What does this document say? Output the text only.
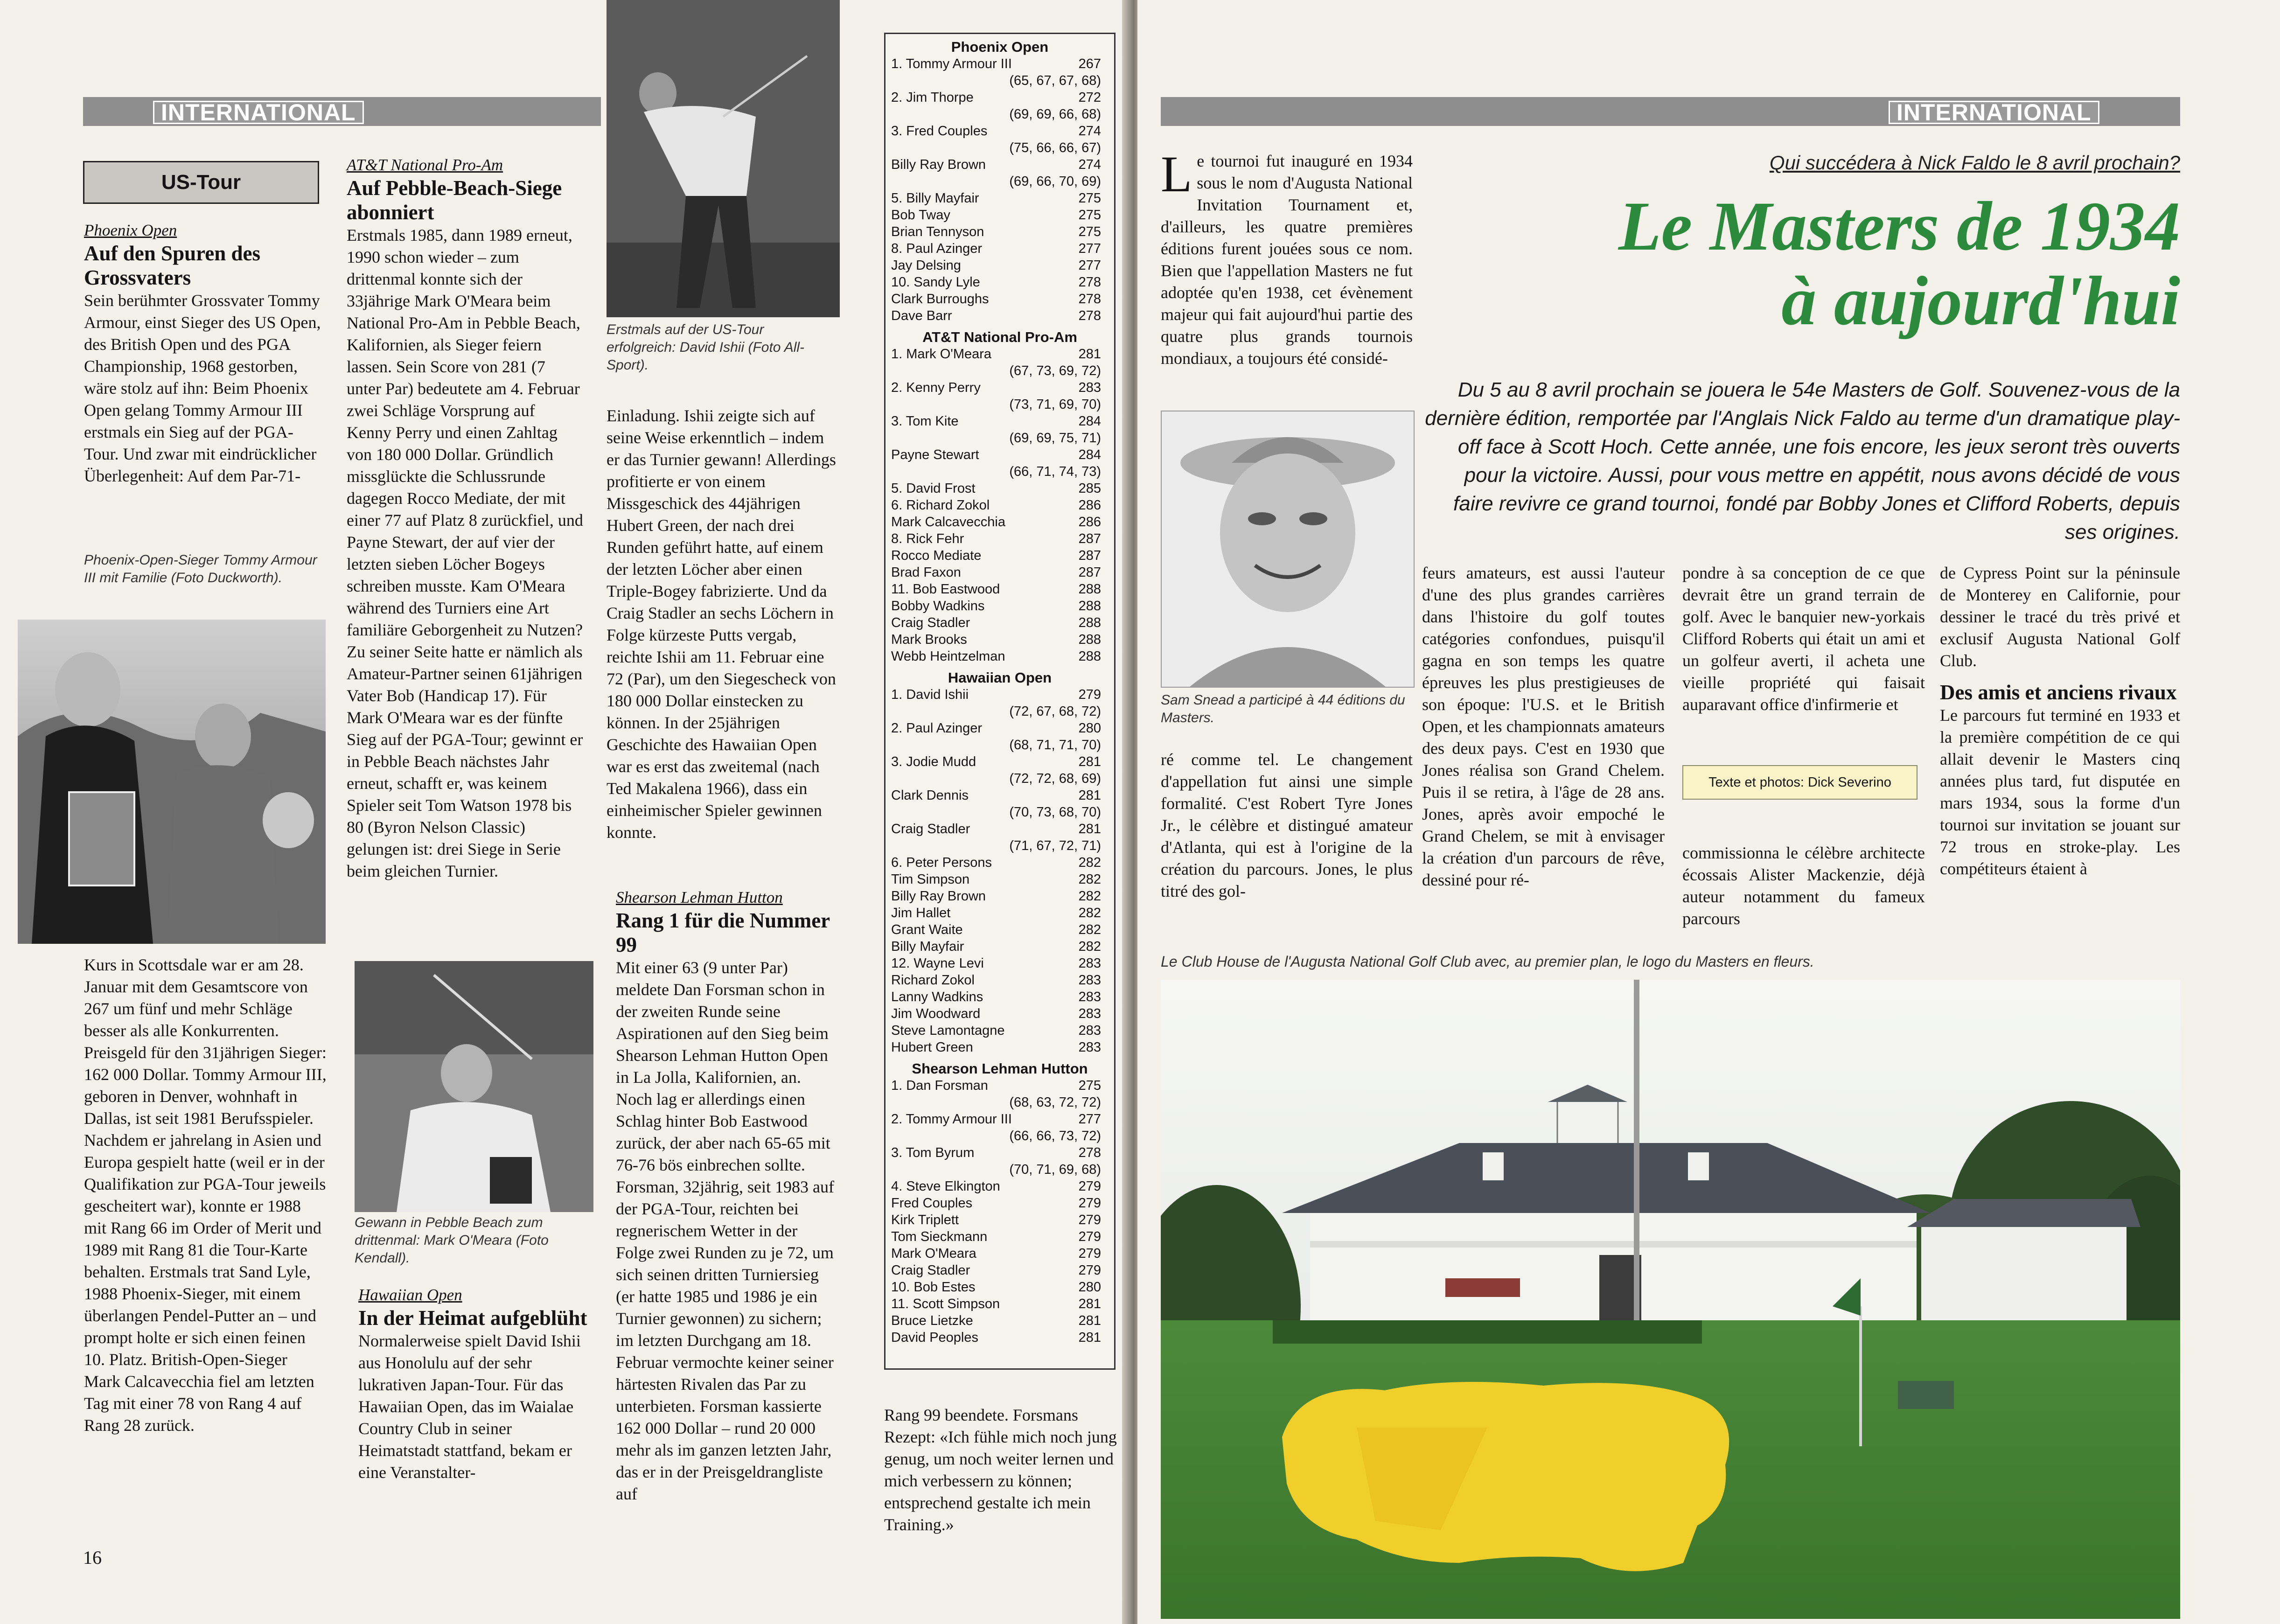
INTERNATIONAL
US-Tour

Phoenix Open

Auf den Spuren des Grossvaters

Sein berühmter Grossvater Tommy Armour, einst Sieger des US Open, des British Open und des PGA Championship, 1968 gestorben, wäre stolz auf ihn: Beim Phoenix Open gelang Tommy Armour III erstmals ein Sieg auf der PGA-Tour. Und zwar mit eindrücklicher Überlegenheit: Auf dem Par-71-

Phoenix-Open-Sieger Tommy Armour III mit Familie (Foto Duckworth).

Kurs in Scottsdale war er am 28. Januar mit dem Gesamtscore von 267 um fünf und mehr Schläge besser als alle Konkurrenten. Preisgeld für den 31jährigen Sieger: 162 000 Dollar. Tommy Armour III, geboren in Denver, wohnhaft in Dallas, ist seit 1981 Berufsspieler. Nachdem er jahrelang in Asien und Europa gespielt hatte (weil er in der Qualifikation zur PGA-Tour jeweils gescheitert war), konnte er 1988 mit Rang 66 im Order of Merit und 1989 mit Rang 81 die Tour-Karte behalten. Erstmals trat Sand Lyle, 1988 Phoenix-Sieger, mit einem überlangen Pendel-Putter an – und prompt holte er sich einen feinen 10. Platz. British-Open-Sieger Mark Calcavecchia fiel am letzten Tag mit einer 78 von Rang 4 auf Rang 28 zurück.

AT&T National Pro-Am

Auf Pebble-Beach-Siege abonniert

Erstmals 1985, dann 1989 erneut, 1990 schon wieder – zum drittenmal konnte sich der 33jährige Mark O'Meara beim National Pro-Am in Pebble Beach, Kalifornien, als Sieger feiern lassen. Sein Score von 281 (7 unter Par) bedeutete am 4. Februar zwei Schläge Vorsprung auf Kenny Perry und einen Zahltag von 180 000 Dollar. Gründlich missglückte die Schlussrunde dagegen Rocco Mediate, der mit einer 77 auf Platz 8 zurückfiel, und Payne Stewart, der auf vier der letzten sieben Löcher Bogeys schreiben musste. Kam O'Meara während des Turniers eine Art familiäre Geborgenheit zu Nutzen? Zu seiner Seite hatte er nämlich als Amateur-Partner seinen 61jährigen Vater Bob (Handicap 17). Für Mark O'Meara war es der fünfte Sieg auf der PGA-Tour; gewinnt er in Pebble Beach nächstes Jahr erneut, schafft er, was keinem Spieler seit Tom Watson 1978 bis 80 (Byron Nelson Classic) gelungen ist: drei Siege in Serie beim gleichen Turnier.

Gewann in Pebble Beach zum drittenmal: Mark O'Meara (Foto Kendall).

Hawaiian Open

In der Heimat aufgeblüht

Normalerweise spielt David Ishii aus Honolulu auf der sehr lukrativen Japan-Tour. Für das Hawaiian Open, das im Waialae Country Club in seiner Heimatstadt stattfand, bekam er eine Veranstalter-

Erstmals auf der US-Tour erfolgreich: David Ishii (Foto All-Sport).

Einladung. Ishii zeigte sich auf seine Weise erkenntlich – indem er das Turnier gewann! Allerdings profitierte er von einem Missgeschick des 44jährigen Hubert Green, der nach drei Runden geführt hatte, auf einem der letzten Löcher aber einen Triple-Bogey fabrizierte. Und da Craig Stadler an sechs Löchern in Folge kürzeste Putts vergab, reichte Ishii am 11. Februar eine 72 (Par), um den Siegescheck von 180 000 Dollar einstecken zu können. In der 25jährigen Geschichte des Hawaiian Open war es erst das zweitemal (nach Ted Makalena 1966), dass ein einheimischer Spieler gewinnen konnte.

Shearson Lehman Hutton

Rang 1 für die Nummer 99

Mit einer 63 (9 unter Par) meldete Dan Forsman schon in der zweiten Runde seine Aspirationen auf den Sieg beim Shearson Lehman Hutton Open in La Jolla, Kalifornien, an. Noch lag er allerdings einen Schlag hinter Bob Eastwood zurück, der aber nach 65-65 mit 76-76 bös einbrechen sollte. Forsman, 32jährig, seit 1983 auf der PGA-Tour, reichten bei regnerischem Wetter in der Folge zwei Runden zu je 72, um sich seinen dritten Turniersieg (er hatte 1985 und 1986 je ein Turnier gewonnen) zu sichern; im letzten Durchgang am 18. Februar vermochte keiner seiner härtesten Rivalen das Par zu unterbieten. Forsman kassierte 162 000 Dollar – rund 20 000 mehr als im ganzen letzten Jahr, das er in der Preisgeldrangliste auf

Phoenix Open
1. Tommy Armour III	267
(65, 67, 67, 68)
2. Jim Thorpe	272
(69, 69, 66, 68)
3. Fred Couples	274
(75, 66, 66, 67)
Billy Ray Brown	274
(69, 66, 70, 69)
5. Billy Mayfair	275
Bob Tway	275
Brian Tennyson	275
8. Paul Azinger	277
Jay Delsing	277
10. Sandy Lyle	278
Clark Burroughs	278
Dave Barr	278
AT&T National Pro-Am
1. Mark O'Meara	281
(67, 73, 69, 72)
2. Kenny Perry	283
(73, 71, 69, 70)
3. Tom Kite	284
(69, 69, 75, 71)
Payne Stewart	284
(66, 71, 74, 73)
5. David Frost	285
6. Richard Zokol	286
Mark Calcavecchia	286
8. Rick Fehr	287
Rocco Mediate	287
Brad Faxon	287
11. Bob Eastwood	288
Bobby Wadkins	288
Craig Stadler	288
Mark Brooks	288
Webb Heintzelman	288
Hawaiian Open
1. David Ishii	279
(72, 67, 68, 72)
2. Paul Azinger	280
(68, 71, 71, 70)
3. Jodie Mudd	281
(72, 72, 68, 69)
Clark Dennis	281
(70, 73, 68, 70)
Craig Stadler	281
(71, 67, 72, 71)
6. Peter Persons	282
Tim Simpson	282
Billy Ray Brown	282
Jim Hallet	282
Grant Waite	282
Billy Mayfair	282
12. Wayne Levi	283
Richard Zokol	283
Lanny Wadkins	283
Jim Woodward	283
Steve Lamontagne	283
Hubert Green	283
Shearson Lehman Hutton
1. Dan Forsman	275
(68, 63, 72, 72)
2. Tommy Armour III	277
(66, 66, 73, 72)
3. Tom Byrum	278
(70, 71, 69, 68)
4. Steve Elkington	279
Fred Couples	279
Kirk Triplett	279
Tom Sieckmann	279
Mark O'Meara	279
Craig Stadler	279
10. Bob Estes	280
11. Scott Simpson	281
Bruce Lietzke	281
David Peoples	281

Rang 99 beendete. Forsmans Rezept: «Ich fühle mich noch jung genug, um noch weiter lernen und mich verbessern zu können; entsprechend gestalte ich mein Training.»

16
INTERNATIONAL
Qui succédera à Nick Faldo le 8 avril prochain?
Le Masters de 1934
à aujourd'hui
Du 5 au 8 avril prochain se jouera le 54e Masters de Golf. Souvenez-vous de la dernière édition, remportée par l'Anglais Nick Faldo au terme d'un dramatique play-off face à Scott Hoch. Cette année, une fois encore, les jeux seront très ouverts pour la victoire. Aussi, pour vous mettre en appétit, nous avons décidé de vous faire revivre ce grand tournoi, fondé par Bobby Jones et Clifford Roberts, depuis ses origines.

Le tournoi fut inauguré en 1934 sous le nom d'Augusta National Invitation Tournament et, d'ailleurs, les quatre premières éditions furent jouées sous ce nom. Bien que l'appellation Masters ne fut adoptée qu'en 1938, cet évènement majeur qui fait aujourd'hui partie des quatre plus grands tournois mondiaux, a toujours été considé-

Sam Snead a participé à 44 éditions du Masters.

ré comme tel. Le changement d'appellation fut ainsi une simple formalité. C'est Robert Tyre Jones Jr., le célèbre et distingué amateur d'Atlanta, qui est à l'origine de la création du parcours. Jones, le plus titré des gol-

feurs amateurs, est aussi l'auteur d'une des plus grandes carrières dans l'histoire du golf toutes catégories confondues, puisqu'il gagna en son temps les quatre épreuves les plus prestigieuses de son époque: l'U.S. et le British Open, et les championnats amateurs des deux pays. C'est en 1930 que Jones réalisa son Grand Chelem. Puis il se retira, à l'âge de 28 ans. Jones, après avoir empoché le Grand Chelem, se mit à envisager la création d'un parcours de rêve, dessiné pour ré-

pondre à sa conception de ce que devrait être un grand terrain de golf. Avec le banquier new-yorkais Clifford Roberts qui était un ami et un golfeur averti, il acheta une vieille propriété qui faisait auparavant office d'infirmerie et

Texte et photos: Dick Severino

commissionna le célèbre architecte écossais Alister Mackenzie, déjà auteur notamment du fameux parcours

de Cypress Point sur la péninsule de Monterey en Californie, pour dessiner le tracé du très privé et exclusif Augusta National Golf Club.

Des amis et anciens rivaux

Le parcours fut terminé en 1933 et la première compétition de ce qui allait devenir le Masters cinq années plus tard, fut disputée en mars 1934, sous la forme d'un tournoi sur invitation se jouant sur 72 trous en stroke-play. Les compétiteurs étaient à

Le Club House de l'Augusta National Golf Club avec, au premier plan, le logo du Masters en fleurs.
